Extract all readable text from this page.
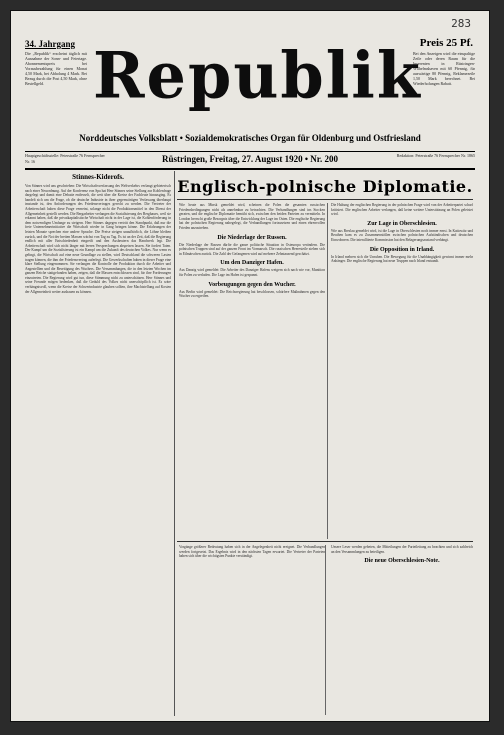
283
34. Jahrgang	Preis 25 Pf.
Die „Republik“ erscheint täglich mit Ausnahme der Sonn- und Feiertage. Abonnementspreis bei Vorausbezahlung für einen Monat 4,50 Mark, bei Abholung 4 Mark. Bei Bezug durch die Post 4,50 Mark, ohne Bestellgeld.
Bei den Anzeigen wird die einspaltige Zeile oder deren Raum für die Inserenten in Rüstringen-Wilhelmshaven mit 60 Pfennig, für auswärtige 80 Pfennig, Reklamezeile 1,50 Mark berechnet. Bei Wiederholungen Rabatt.
Republik
Norddeutsches Volksblatt • Sozialdemokratisches Organ für Oldenburg und Ostfriesland
Hauptgeschäftsstelle: Peterstraße 76 Fernsprecher Nr. 16	Rüstringen, Freitag, 27. August 1920 • Nr. 200	Redaktion: Peterstraße 76 Fernsprecher Nr. 1865
Stinnes-Kiderofs.
Von Stinnes wird uns geschrieben: Die Wirtschaftsverfassung des Weltverkehrs verlangt gebieterisch nach einer Neuordnung. Auf der Konferenz von Spa hat Herr Stinnes seine Stellung zur Kohlenfrage dargelegt und damit eine Debatte entfesselt, die weit über die Kreise der Fachleute hinausging. Es handelt sich um die Frage, ob die deutsche Industrie in ihrer gegenwärtigen Verfassung überhaupt imstande ist, den Anforderungen des Friedensvertrages gerecht zu werden. Die Vertreter der Arbeiterschaft haben diese Frage verneint, solange nicht die Produktionsmittel in den Dienst der Allgemeinheit gestellt werden. Die Bergarbeiter verlangen die Sozialisierung des Bergbaues, weil sie erkannt haben, daß die privatkapitalistische Wirtschaft nicht in der Lage ist, die Kohlenförderung in dem notwendigen Umfange zu steigern. Herr Stinnes dagegen vertritt den Standpunkt, daß nur die freie Unternehmerinitiative die Wirtschaft wieder in Gang bringen könne. Die Erfahrungen der letzten Monate sprechen eine andere Sprache. Die Preise steigen unaufhörlich, die Löhne bleiben zurück, und die Not der breiten Massen wächst von Tag zu Tag. Es ist an der Zeit, daß die Regierung endlich mit aller Entschiedenheit eingreift und den Ausbeutern das Handwerk legt. Die Arbeiterschaft wird sich nicht länger mit leeren Versprechungen abspeisen lassen. Sie fordert Taten. Der Kampf um die Sozialisierung ist ein Kampf um die Zukunft des deutschen Volkes. Nur wenn es gelingt, die Wirtschaft auf eine neue Grundlage zu stellen, wird Deutschland die schweren Lasten tragen können, die ihm der Friedensvertrag auferlegt. Die Gewerkschaften haben in dieser Frage eine klare Stellung eingenommen. Sie verlangen die Kontrolle der Produktion durch die Arbeiter und Angestellten und die Beseitigung des Wuchers. Die Versammlungen, die in den letzten Wochen im ganzen Reiche stattgefunden haben, zeigen, daß die Massen entschlossen sind, für ihre Forderungen einzutreten. Die Regierung wird gut tun, diese Stimmung nicht zu unterschätzen. Herr Stinnes und seine Freunde mögen bedenken, daß die Geduld des Volkes nicht unerschöpflich ist. Es wäre verhängnisvoll, wenn die Kreise der Schwerindustrie glauben sollten, ihre Machtstellung auf Kosten der Allgemeinheit weiter ausbauen zu können.
Englisch-polnische Diplomatie.
Wie heute aus Minsk gemeldet wird, scheinen die Polen die gesamten russischen Friedensbedingungen nicht als annehmbar zu betrachten. Die Verhandlungen sind ins Stocken geraten, und die englische Diplomatie bemüht sich, zwischen den beiden Parteien zu vermitteln. In London herrscht große Besorgnis über die Entwicklung der Lage im Osten. Die englische Regierung hat der polnischen Regierung nahegelegt, die Verhandlungen fortzusetzen und einen ehrenvollen Frieden anzustreben.
Die Niederlage der Russen.
Die Niederlage der Russen dürfte die ganze politische Situation in Osteuropa verändern. Die polnischen Truppen sind auf der ganzen Front im Vormarsch. Die russischen Heeresteile ziehen sich in Eilmärschen zurück. Die Zahl der Gefangenen wird auf mehrere Zehntausend geschätzt.
Um den Danziger Hafen.
Aus Danzig wird gemeldet: Die Arbeiter des Danziger Hafens weigern sich nach wie vor, Munition für Polen zu verladen. Die Lage im Hafen ist gespannt.
Vorbeugungen gegen den Wucher.
Aus Berlin wird gemeldet: Die Reichsregierung hat beschlossen, schärfere Maßnahmen gegen den Wucher zu ergreifen.
Die Haltung der englischen Regierung in der polnischen Frage wird von der Arbeiterpartei scharf kritisiert. Die englischen Arbeiter verlangen, daß keine weitere Unterstützung an Polen geleistet wird.
Zur Lage in Oberschlesien.
Wie aus Breslau gemeldet wird, ist die Lage in Oberschlesien noch immer ernst. In Kattowitz und Beuthen kam es zu Zusammenstößen zwischen polnischen Aufständischen und deutschen Einwohnern. Die interalliierte Kommission hat den Belagerungszustand verhängt.
Die Opposition in Irland.
In Irland mehren sich die Unruhen. Die Bewegung für die Unabhängigkeit gewinnt immer mehr Anhänger. Die englische Regierung hat neue Truppen nach Irland entsandt.
Vorgänge größerer Bedeutung haben sich in der Angelegenheit nicht ereignet. Die Verhandlungen werden fortgesetzt. Das Ergebnis wird in den nächsten Tagen erwartet. Die Vertreter der Parteien haben sich über die wichtigsten Punkte verständigt.
Unsere Leser werden gebeten, die Mitteilungen der Parteileitung zu beachten und sich zahlreich an den Versammlungen zu beteiligen.
Die neue Oberschlesien-Note.
